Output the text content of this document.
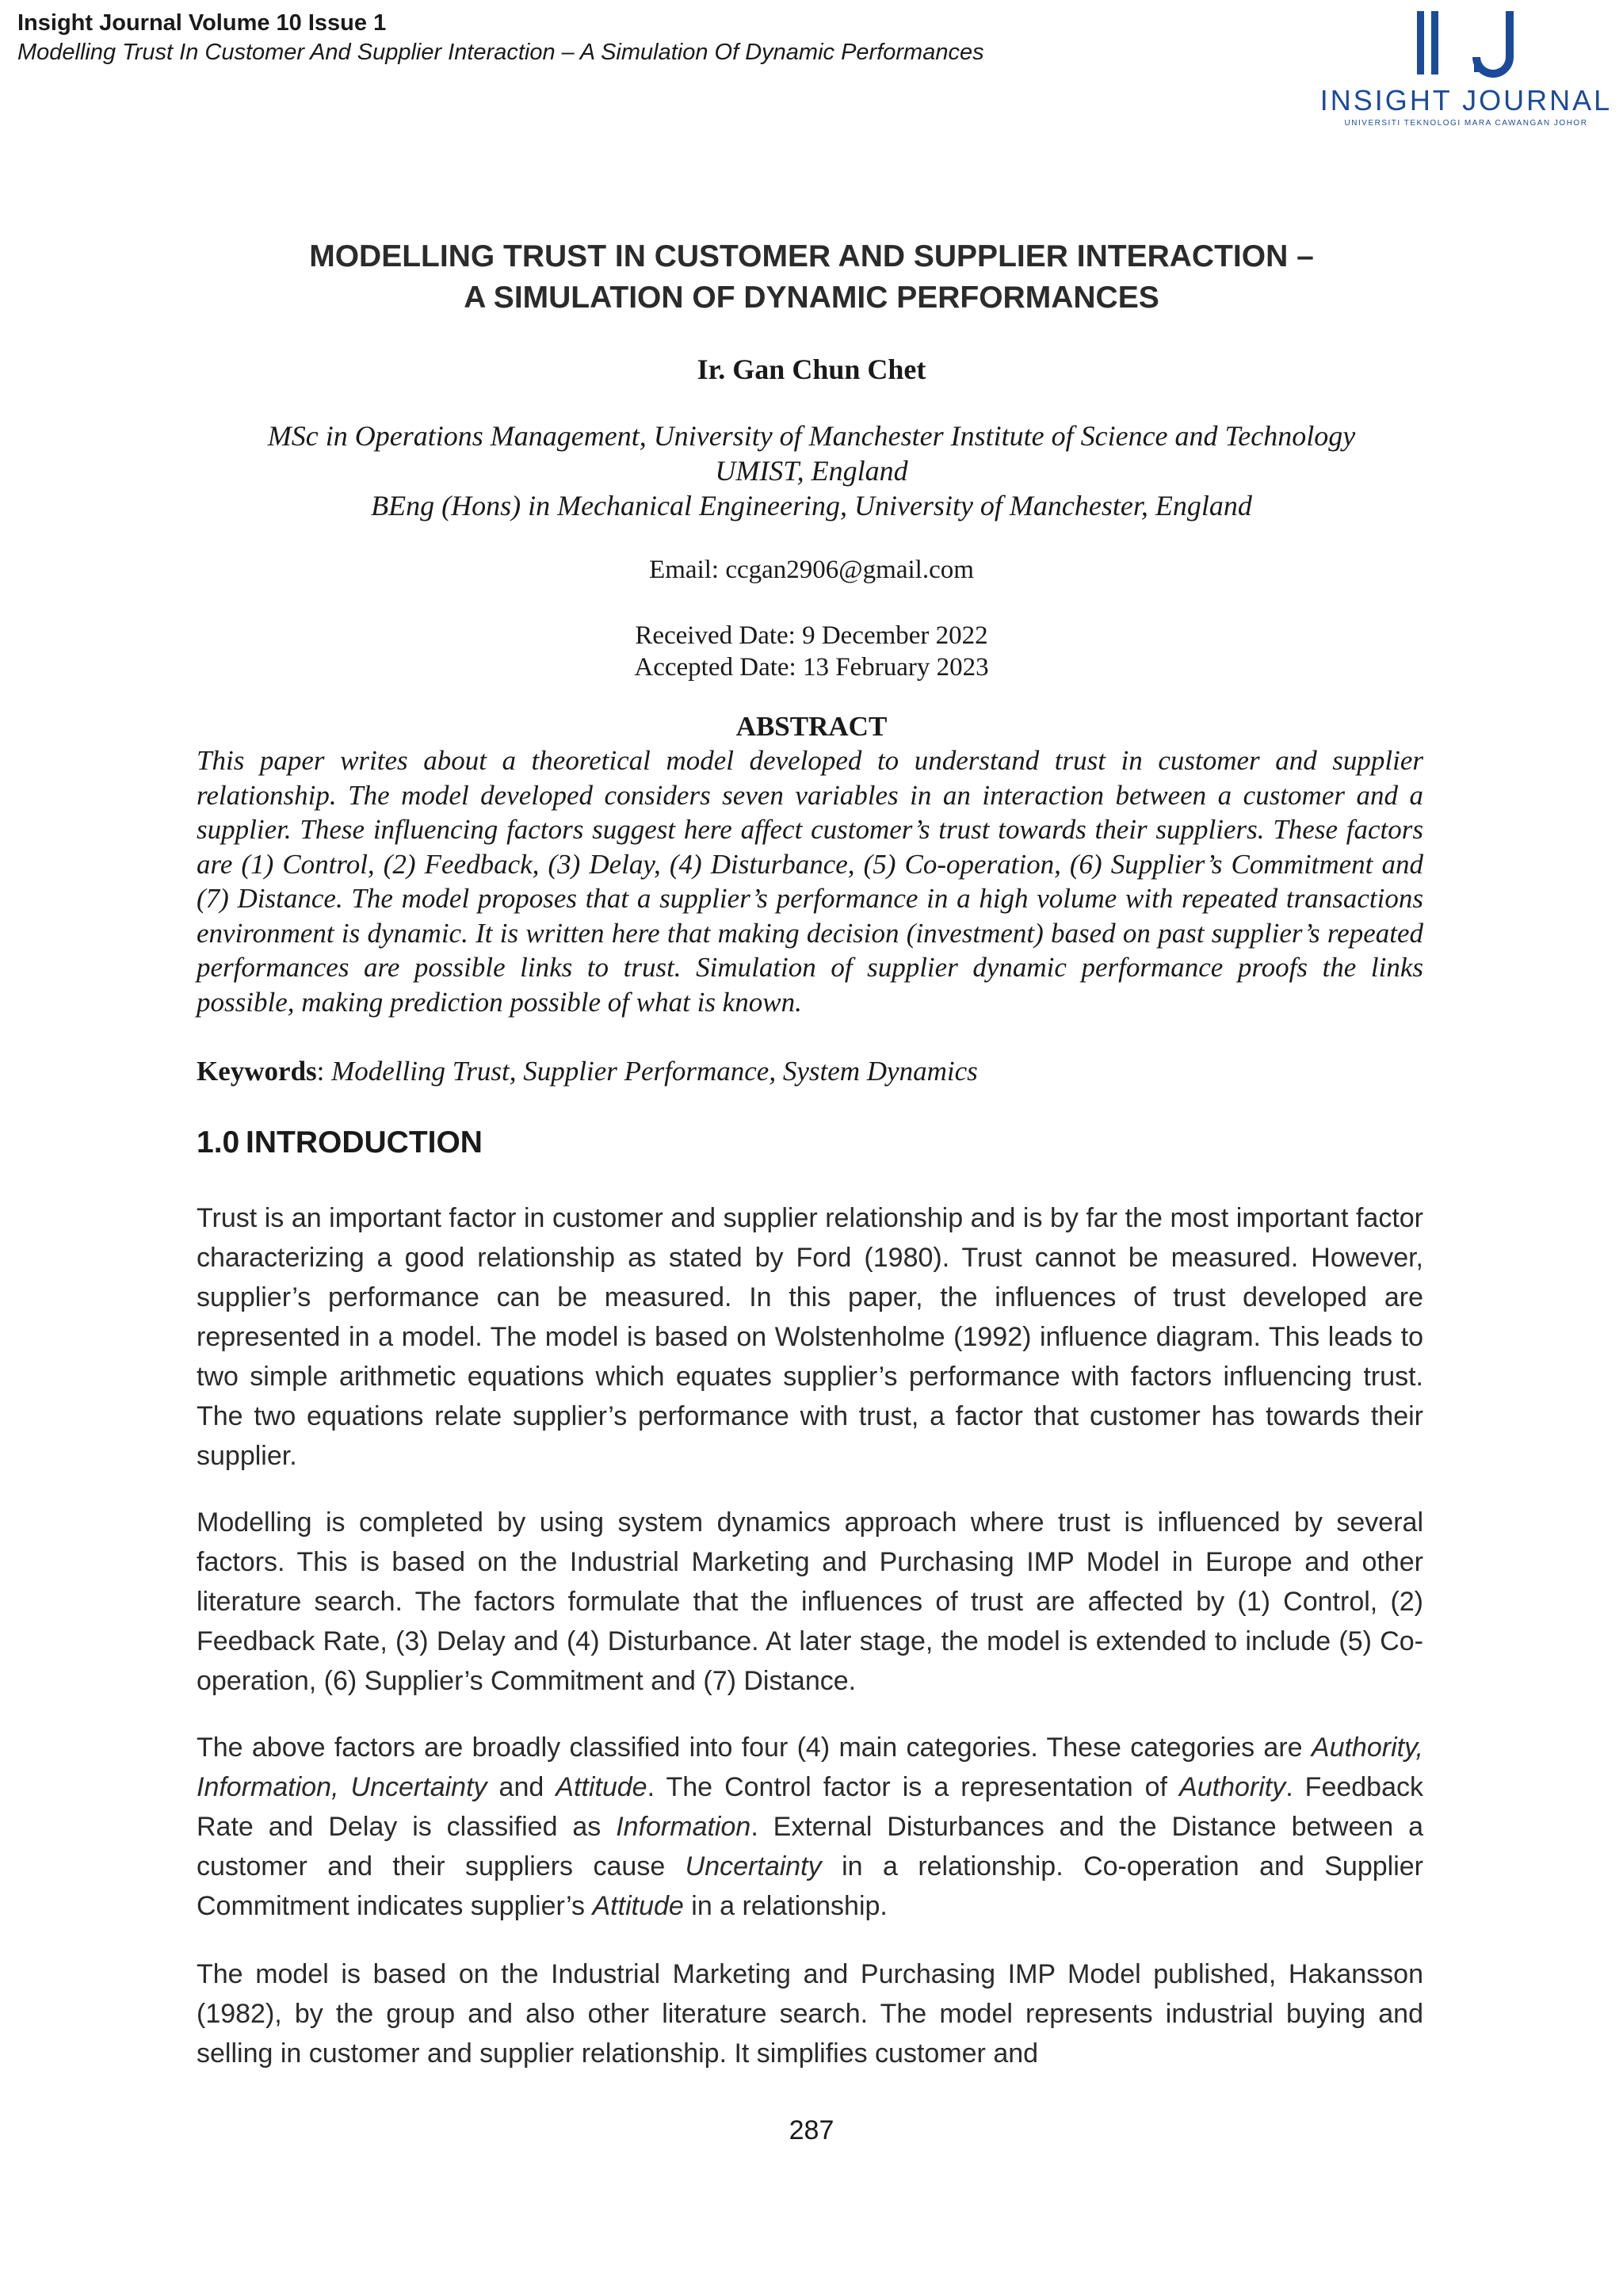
Insight Journal Volume 10 Issue 1
Modelling Trust In Customer And Supplier Interaction – A Simulation Of Dynamic Performances
INSIGHT JOURNAL
UNIVERSITI TEKNOLOGI MARA CAWANGAN JOHOR
MODELLING TRUST IN CUSTOMER AND SUPPLIER INTERACTION –
A SIMULATION OF DYNAMIC PERFORMANCES
Ir. Gan Chun Chet
MSc in Operations Management, University of Manchester Institute of Science and Technology
UMIST, England
BEng (Hons) in Mechanical Engineering, University of Manchester, England
Email: ccgan2906@gmail.com
Received Date: 9 December 2022
Accepted Date: 13 February 2023
ABSTRACT

This paper writes about a theoretical model developed to understand trust in customer and supplier relationship. The model developed considers seven variables in an interaction between a customer and a supplier. These influencing factors suggest here affect customer’s trust towards their suppliers. These factors are (1) Control, (2) Feedback, (3) Delay, (4) Disturbance, (5) Co-operation, (6) Supplier’s Commitment and (7) Distance. The model proposes that a supplier’s performance in a high volume with repeated transactions environment is dynamic. It is written here that making decision (investment) based on past supplier’s repeated performances are possible links to trust. Simulation of supplier dynamic performance proofs the links possible, making prediction possible of what is known.

Keywords: Modelling Trust, Supplier Performance, System Dynamics

1.0 INTRODUCTION

Trust is an important factor in customer and supplier relationship and is by far the most important factor characterizing a good relationship as stated by Ford (1980). Trust cannot be measured. However, supplier’s performance can be measured. In this paper, the influences of trust developed are represented in a model. The model is based on Wolstenholme (1992) influence diagram. This leads to two simple arithmetic equations which equates supplier’s performance with factors influencing trust. The two equations relate supplier’s performance with trust, a factor that customer has towards their supplier.

Modelling is completed by using system dynamics approach where trust is influenced by several factors. This is based on the Industrial Marketing and Purchasing IMP Model in Europe and other literature search. The factors formulate that the influences of trust are affected by (1) Control, (2) Feedback Rate, (3) Delay and (4) Disturbance. At later stage, the model is extended to include (5) Co-operation, (6) Supplier’s Commitment and (7) Distance.

The above factors are broadly classified into four (4) main categories. These categories are Authority, Information, Uncertainty and Attitude. The Control factor is a representation of Authority. Feedback Rate and Delay is classified as Information. External Disturbances and the Distance between a customer and their suppliers cause Uncertainty in a relationship. Co-operation and Supplier Commitment indicates supplier’s Attitude in a relationship.

The model is based on the Industrial Marketing and Purchasing IMP Model published, Hakansson (1982), by the group and also other literature search. The model represents industrial buying and selling in customer and supplier relationship. It simplifies customer and

287
